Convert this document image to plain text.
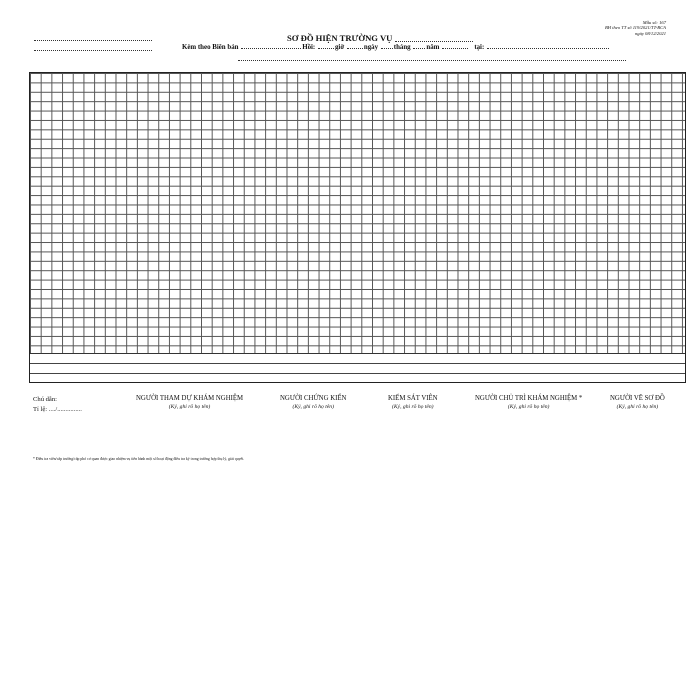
Mẫu số: 167
BH theo TT số 119/2021/TT-BCA
ngày 08/12/2021
SƠ ĐỒ HIỆN TRƯỜNG VỤ
Kèm theo Biên bản	Hồi:	giờ	ngày tháng năm	tại:
Chú dẫn:
Tỉ lệ: ..../...............
NGƯỜI THAM DỰ KHÁM NGHIỆM
(Ký, ghi rõ họ tên)
NGƯỜI CHỨNG KIẾN
(Ký, ghi rõ họ tên)
KIỂM SÁT VIÊN
(Ký, ghi rõ họ tên)
NGƯỜI CHỦ TRÌ KHÁM NGHIỆM *
(Ký, ghi rõ họ tên)
NGƯỜI VẼ SƠ ĐỒ
(Ký, ghi rõ họ tên)
* Điều tra viên/cấp trưởng/cấp phó cơ quan được giao nhiệm vụ tiến hành một số hoạt động điều tra ký trong trường hợp thụ lý, giải quyết.
